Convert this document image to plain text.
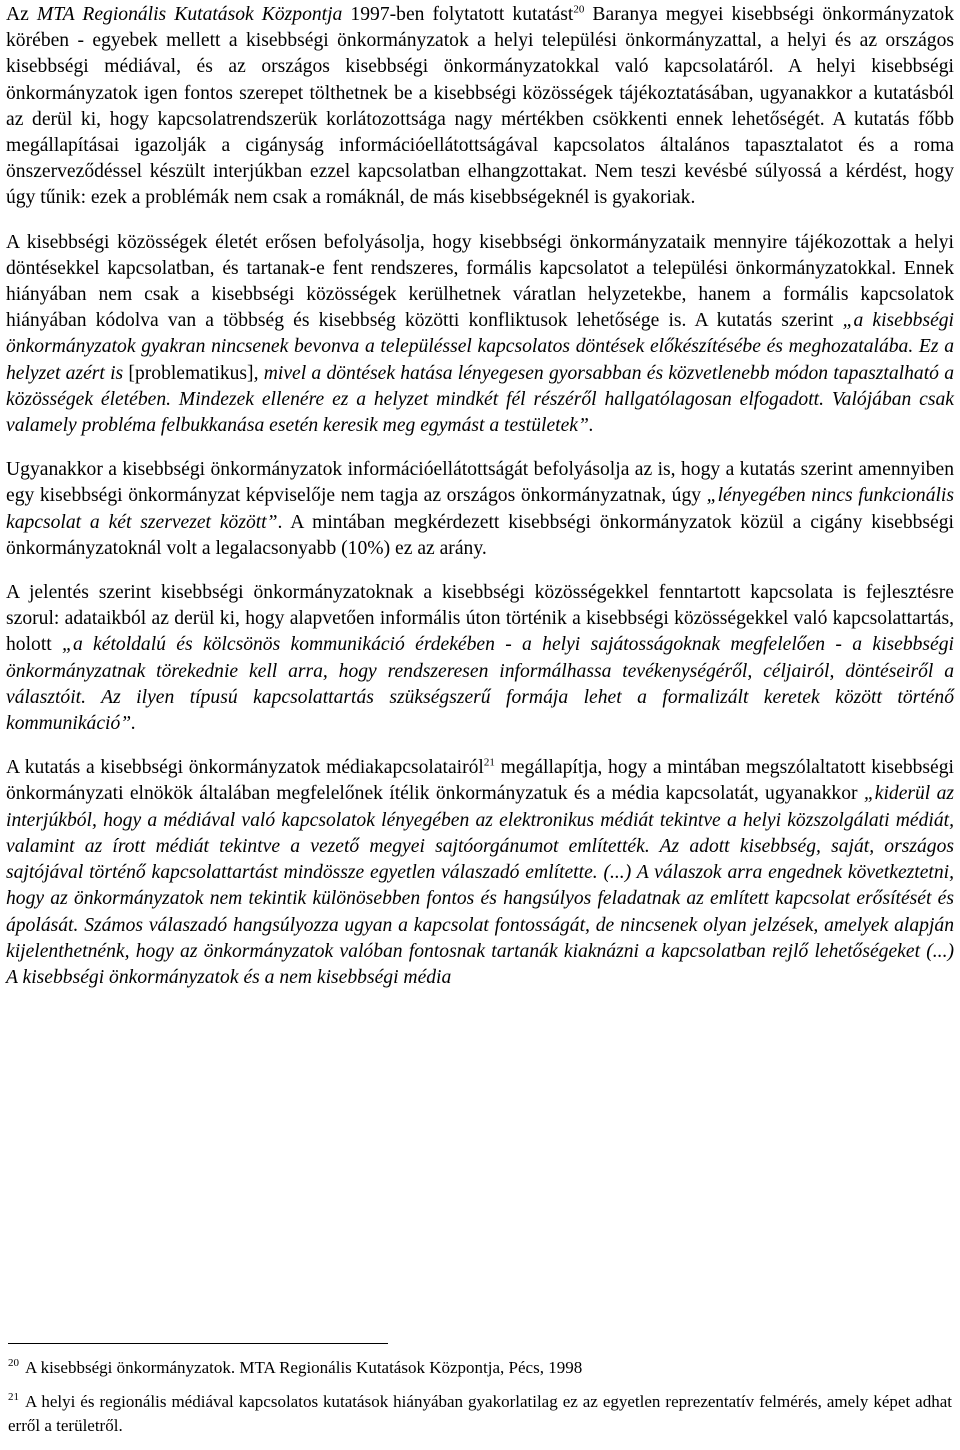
Az MTA Regionális Kutatások Központja 1997-ben folytatott kutatást$^{20}$ Baranya megyei kisebbségi önkormányzatok körében - egyebek mellett a kisebbségi önkormányzatok a helyi települési önkormányzattal, a helyi és az országos kisebbségi médiával, és az országos kisebbségi önkormányzatokkal való kapcsolatáról. A helyi kisebbségi önkormányzatok igen fontos szerepet tölthetnek be a kisebbségi közösségek tájékoztatásában, ugyanakkor a kutatásból az derül ki, hogy kapcsolatrendszerük korlátozottsága nagy mértékben csökkenti ennek lehetőségét. A kutatás főbb megállapításai igazolják a cigányság információellátottságával kapcsolatos általános tapasztalatot és a roma önszerveződéssel készült interjúkban ezzel kapcsolatban elhangzottakat. Nem teszi kevésbé súlyossá a kérdést, hogy úgy tűnik: ezek a problémák nem csak a romáknál, de más kisebbségeknél is gyakoriak.

A kisebbségi közösségek életét erősen befolyásolja, hogy kisebbségi önkormányzataik mennyire tájékozottak a helyi döntésekkel kapcsolatban, és tartanak-e fent rendszeres, formális kapcsolatot a települési önkormányzatokkal. Ennek hiányában nem csak a kisebbségi közösségek kerülhetnek váratlan helyzetekbe, hanem a formális kapcsolatok hiányában kódolva van a többség és kisebbség közötti konfliktusok lehetősége is. A kutatás szerint „a kisebbségi önkormányzatok gyakran nincsenek bevonva a településsel kapcsolatos döntések előkészítésébe és meghozatalába. Ez a helyzet azért is [problematikus], mivel a döntések hatása lényegesen gyorsabban és közvetlenebb módon tapasztalható a közösségek életében. Mindezek ellenére ez a helyzet mindkét fél részéről hallgatólagosan elfogadott. Valójában csak valamely probléma felbukkanása esetén keresik meg egymást a testületek”.

Ugyanakkor a kisebbségi önkormányzatok információellátottságát befolyásolja az is, hogy a kutatás szerint amennyiben egy kisebbségi önkormányzat képviselője nem tagja az országos önkormányzatnak, úgy „lényegében nincs funkcionális kapcsolat a két szervezet között”. A mintában megkérdezett kisebbségi önkormányzatok közül a cigány kisebbségi önkormányzatoknál volt a legalacsonyabb (10%) ez az arány.

A jelentés szerint kisebbségi önkormányzatoknak a kisebbségi közösségekkel fenntartott kapcsolata is fejlesztésre szorul: adataikból az derül ki, hogy alapvetően informális úton történik a kisebbségi közösségekkel való kapcsolattartás, holott „a kétoldalú és kölcsönös kommunikáció érdekében - a helyi sajátosságoknak megfelelően - a kisebbségi önkormányzatnak törekednie kell arra, hogy rendszeresen informálhassa tevékenységéről, céljairól, döntéseiről a választóit. Az ilyen típusú kapcsolattartás szükségszerű formája lehet a formalizált keretek között történő kommunikáció”.

A kutatás a kisebbségi önkormányzatok médiakapcsolatairól$^{21}$ megállapítja, hogy a mintában megszólaltatott kisebbségi önkormányzati elnökök általában megfelelőnek ítélik önkormányzatuk és a média kapcsolatát, ugyanakkor „kiderül az interjúkból, hogy a médiával való kapcsolatok lényegében az elektronikus médiát tekintve a helyi közszolgálati médiát, valamint az írott médiát tekintve a vezető megyei sajtóorgánumot említették. Az adott kisebbség, saját, országos sajtójával történő kapcsolattartást mindössze egyetlen válaszadó említette. (...) A válaszok arra engednek következtetni, hogy az önkormányzatok nem tekintik különösebben fontos és hangsúlyos feladatnak az említett kapcsolat erősítését és ápolását. Számos válaszadó hangsúlyozza ugyan a kapcsolat fontosságát, de nincsenek olyan jelzések, amelyek alapján kijelenthetnénk, hogy az önkormányzatok valóban fontosnak tartanák kiaknázni a kapcsolatban rejlő lehetőségeket (...) A kisebbségi önkormányzatok és a nem kisebbségi média

$^{20}$ A kisebbségi önkormányzatok. MTA Regionális Kutatások Központja, Pécs, 1998
$^{21}$ A helyi és regionális médiával kapcsolatos kutatások hiányában gyakorlatilag ez az egyetlen reprezentatív felmérés, amely képet adhat erről a területről.
